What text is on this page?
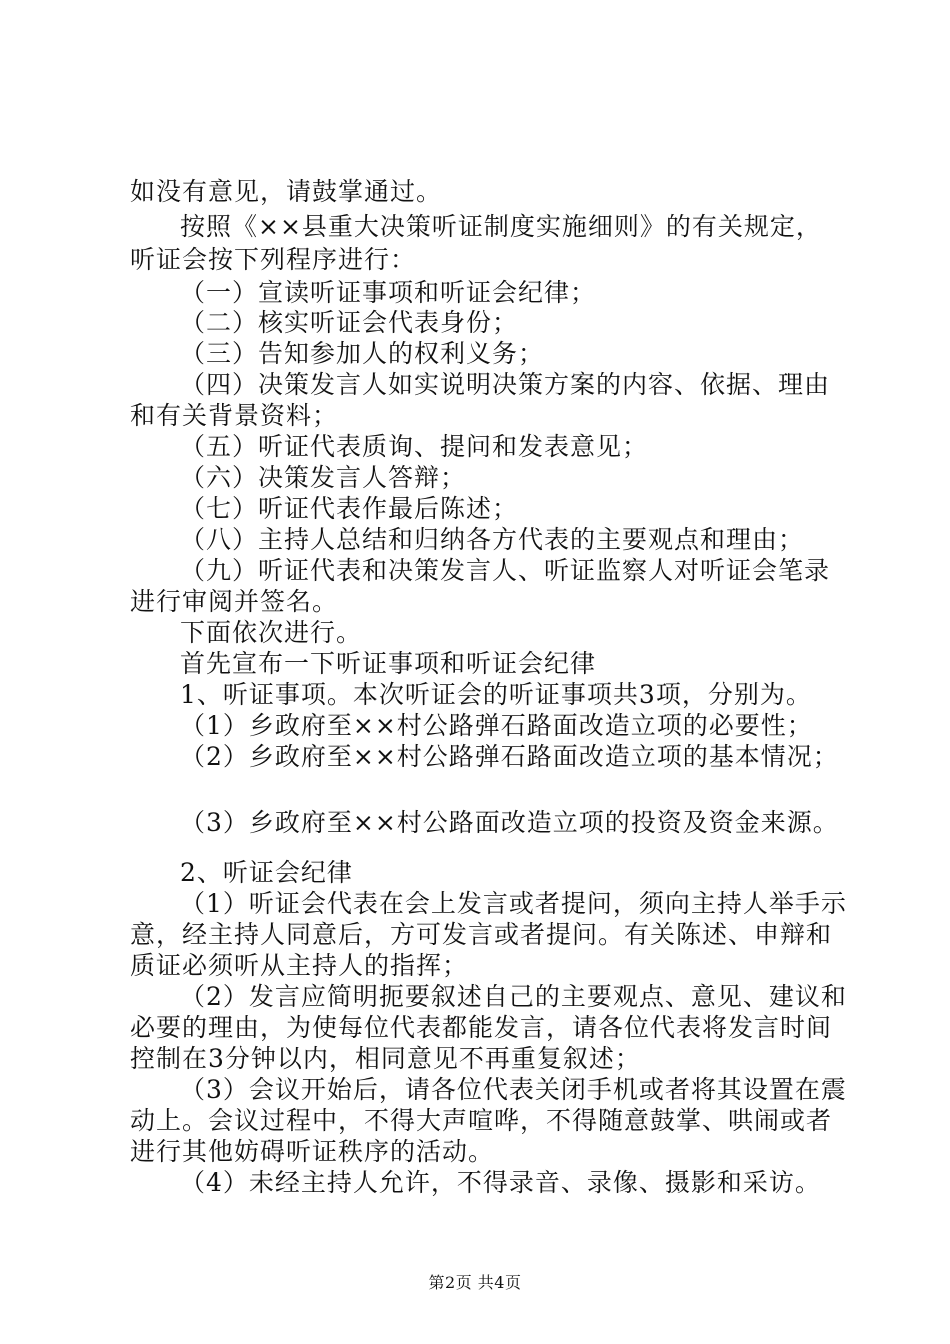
如没有意见，请鼓掌通过。
按照《××县重大决策听证制度实施细则》的有关规定，
听证会按下列程序进行：
（一）宣读听证事项和听证会纪律；
（二）核实听证会代表身份；
（三）告知参加人的权利义务；
（四）决策发言人如实说明决策方案的内容、依据、理由
和有关背景资料；
（五）听证代表质询、提问和发表意见；
（六）决策发言人答辩；
（七）听证代表作最后陈述；
（八）主持人总结和归纳各方代表的主要观点和理由；
（九）听证代表和决策发言人、听证监察人对听证会笔录
进行审阅并签名。
下面依次进行。
首先宣布一下听证事项和听证会纪律
1、听证事项。本次听证会的听证事项共3项，分别为。
（1）乡政府至××村公路弹石路面改造立项的必要性；
（2）乡政府至××村公路弹石路面改造立项的基本情况；
（3）乡政府至××村公路面改造立项的投资及资金来源。
2、听证会纪律
（1）听证会代表在会上发言或者提问，须向主持人举手示
意，经主持人同意后，方可发言或者提问。有关陈述、申辩和
质证必须听从主持人的指挥；
（2）发言应简明扼要叙述自己的主要观点、意见、建议和
必要的理由，为使每位代表都能发言，请各位代表将发言时间
控制在3分钟以内，相同意见不再重复叙述；
（3）会议开始后，请各位代表关闭手机或者将其设置在震
动上。会议过程中，不得大声喧哗，不得随意鼓掌、哄闹或者
进行其他妨碍听证秩序的活动。
（4）未经主持人允许，不得录音、录像、摄影和采访。
第2页 共4页
